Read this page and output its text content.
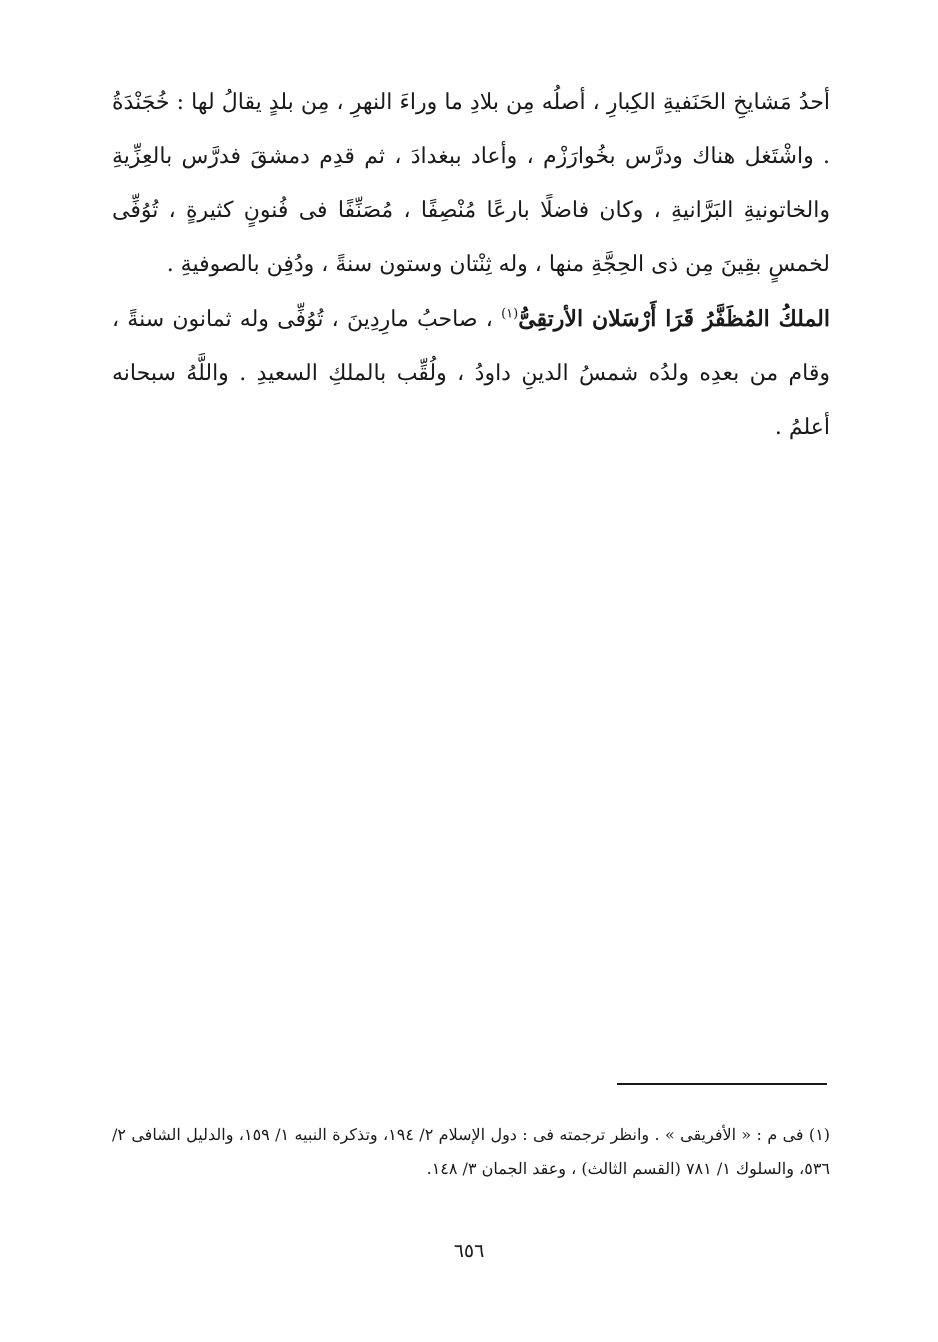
أحدُ مَشايخِ الحَنَفيةِ الكِبارِ ، أصلُه مِن بلادِ ما وراءَ النهرِ ، مِن بلدٍ يقالُ لها : خُجَنْدَةُ . واشْتَغل هناك ودرَّس بخُوارَزْم ، وأعاد ببغدادَ ، ثم قدِم دمشقَ فدرَّس بالعِزِّيةِ والخاتونيةِ البَرَّانيةِ ، وكان فاضلًا بارعًا مُنْصِفًا ، مُصَنِّفًا فى فُنونٍ كثيرةٍ ، تُوُفِّى لخمسٍ بقِينَ مِن ذى الحِجَّةِ منها ، وله ثِنْتان وستون سنةً ، ودُفِن بالصوفيةِ .

الملكُ المُظَفَّرُ قَرَا أَرْسَلان الأرتقِىُّ$^{(١)}$ ، صاحبُ مارِدِينَ ، تُوُفِّى وله ثمانون سنةً ، وقام من بعدِه ولدُه شمسُ الدينِ داودُ ، ولُقِّب بالملكِ السعيدِ . واللَّهُ سبحانه أعلمُ .

(١) فى م : « الأفريقى » . وانظر ترجمته فى : دول الإسلام ٢/ ١٩٤، وتذكرة النبيه ١/ ١٥٩، والدليل الشافى ٢/ ٥٣٦، والسلوك ١/ ٧٨١ (القسم الثالث) ، وعقد الجمان ٣/ ١٤٨.

٦٥٦
